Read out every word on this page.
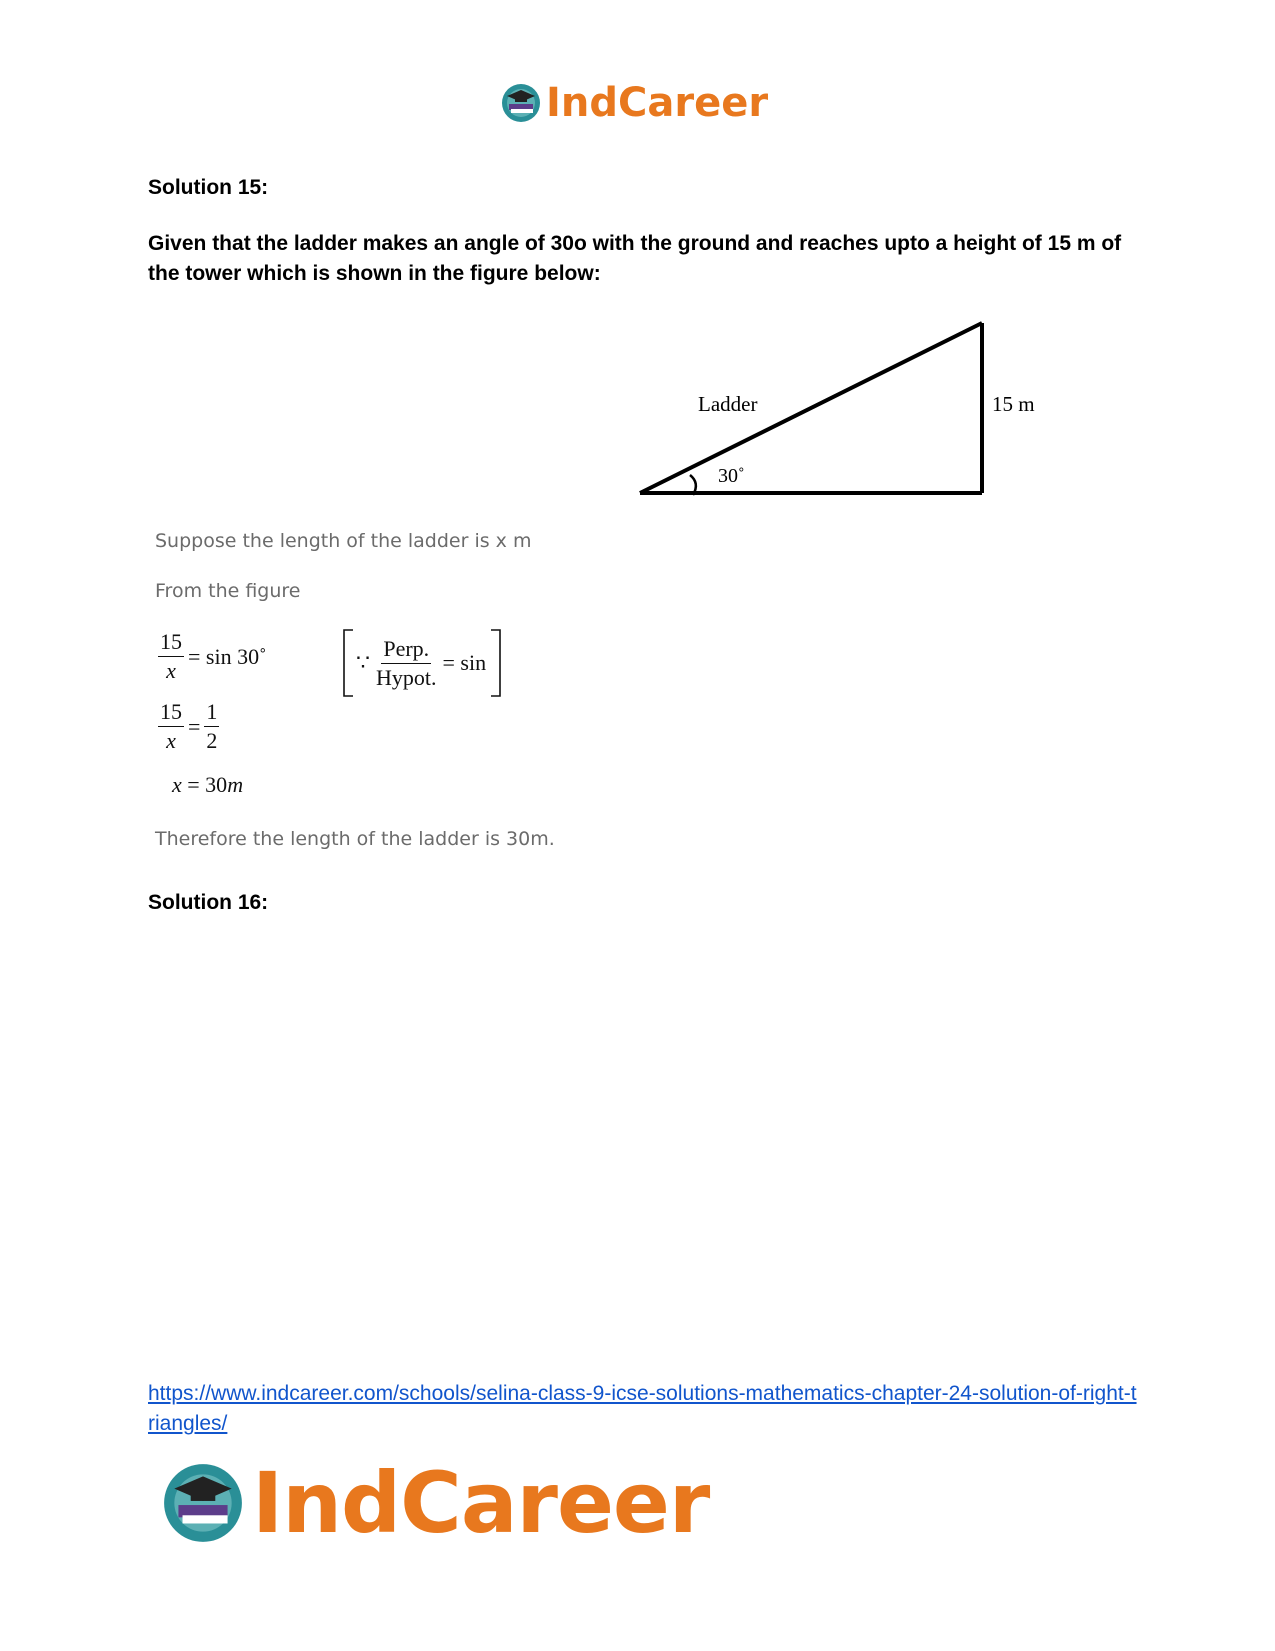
IndCareer
Solution 15:
Given that the ladder makes an angle of 30o with the ground and reaches upto a height of 15 m of the tower which is shown in the figure below:
Ladder	15 m
30˚
Suppose the length of the ladder is x m
From the figure
$\frac{15}{x} = \sin$ 30˚	∵ $\frac{\text{Perp.}}{\text{Hypot.}} = \sin$
$\frac{15}{x} = \frac{1}{2}$
x = 30m
Therefore the length of the ladder is 30m.
Solution 16:
https://www.indcareer.com/schools/selina-class-9-icse-solutions-mathematics-chapter-24-solution-of-right-triangles/
IndCareer
